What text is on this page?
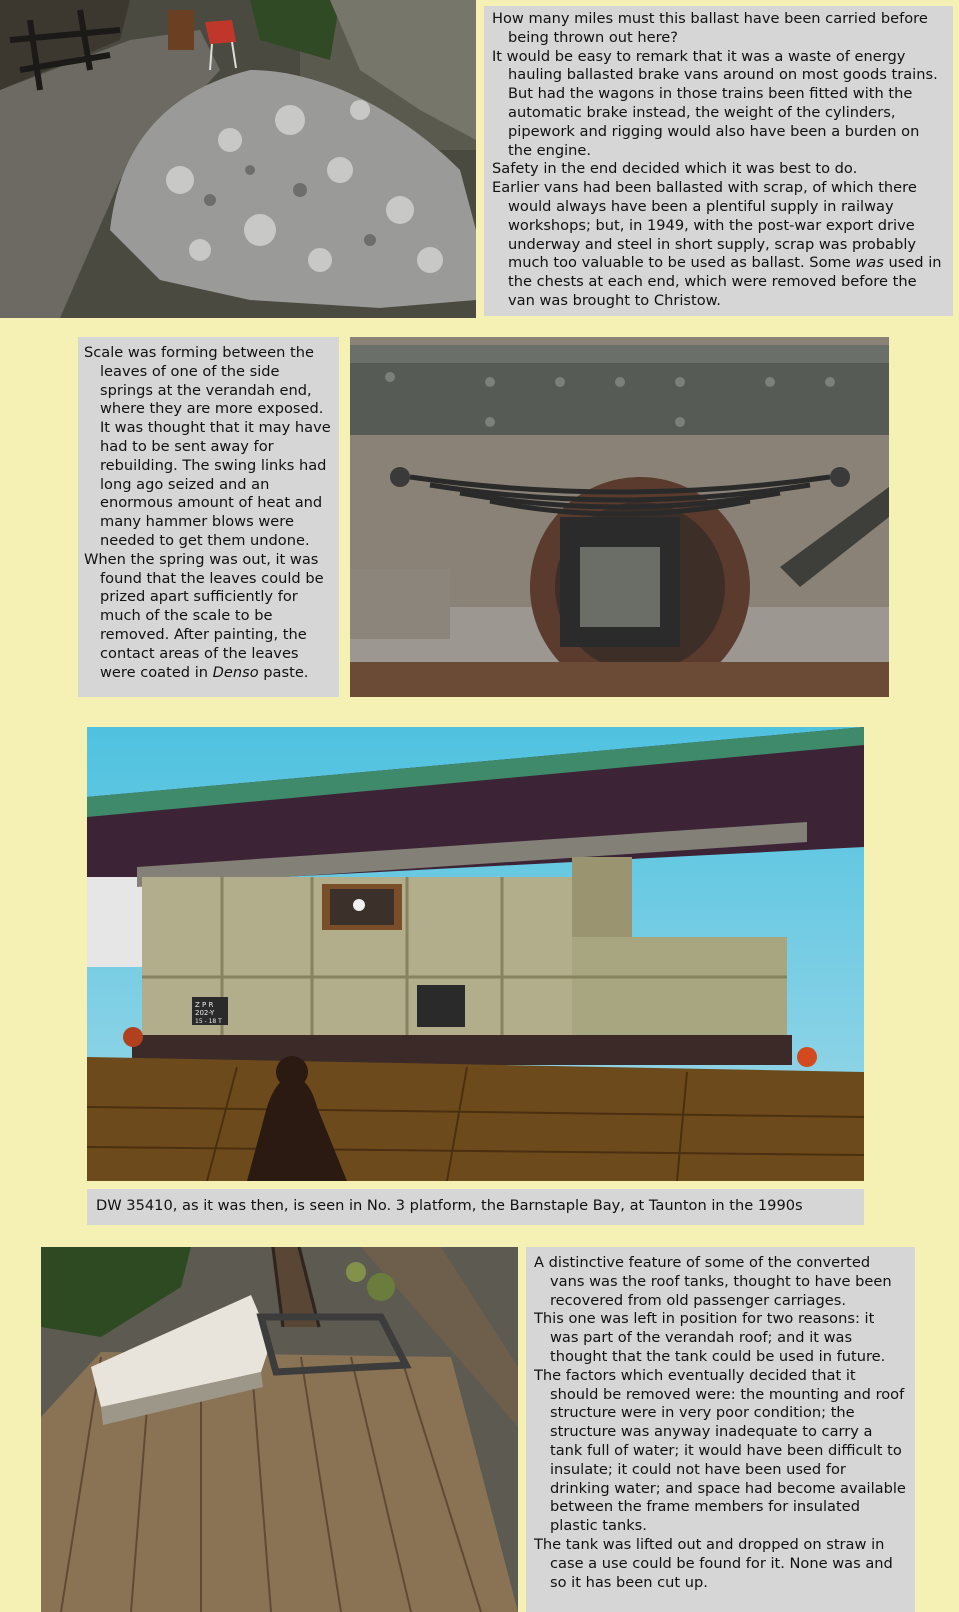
How many miles must this ballast have been carried before being thrown out here?

It would be easy to remark that it was a waste of energy hauling ballasted brake vans around on most goods trains. But had the wagons in those trains been fitted with the automatic brake instead, the weight of the cylinders, pipework and rigging would also have been a burden on the engine.

Safety in the end decided which it was best to do.

Earlier vans had been ballasted with scrap, of which there would always have been a plentiful supply in railway workshops; but, in 1949, with the post-war export drive underway and steel in short supply, scrap was probably much too valuable to be used as ballast. Some was used in the chests at each end, which were removed before the van was brought to Christow.

Scale was forming between the leaves of one of the side springs at the verandah end, where they are more exposed. It was thought that it may have had to be sent away for rebuilding. The swing links had long ago seized and an enormous amount of heat and many hammer blows were needed to get them undone.

When the spring was out, it was found that the leaves could be prized apart sufficiently for much of the scale to be removed. After painting, the contact areas of the leaves were coated in Denso paste.

Z P R
202-Y
15 - 18 T
DW 35410, as it was then, is seen in No. 3 platform, the Barnstaple Bay, at Taunton in the 1990s

A distinctive feature of some of the converted vans was the roof tanks, thought to have been recovered from old passenger carriages.

This one was left in position for two reasons: it was part of the verandah roof; and it was thought that the tank could be used in future.

The factors which eventually decided that it should be removed were: the mounting and roof structure were in very poor condition; the structure was anyway inadequate to carry a tank full of water; it would have been difficult to insulate; it could not have been used for drinking water; and space had become available between the frame members for insulated plastic tanks.

The tank was lifted out and dropped on straw in case a use could be found for it. None was and so it has been cut up.
